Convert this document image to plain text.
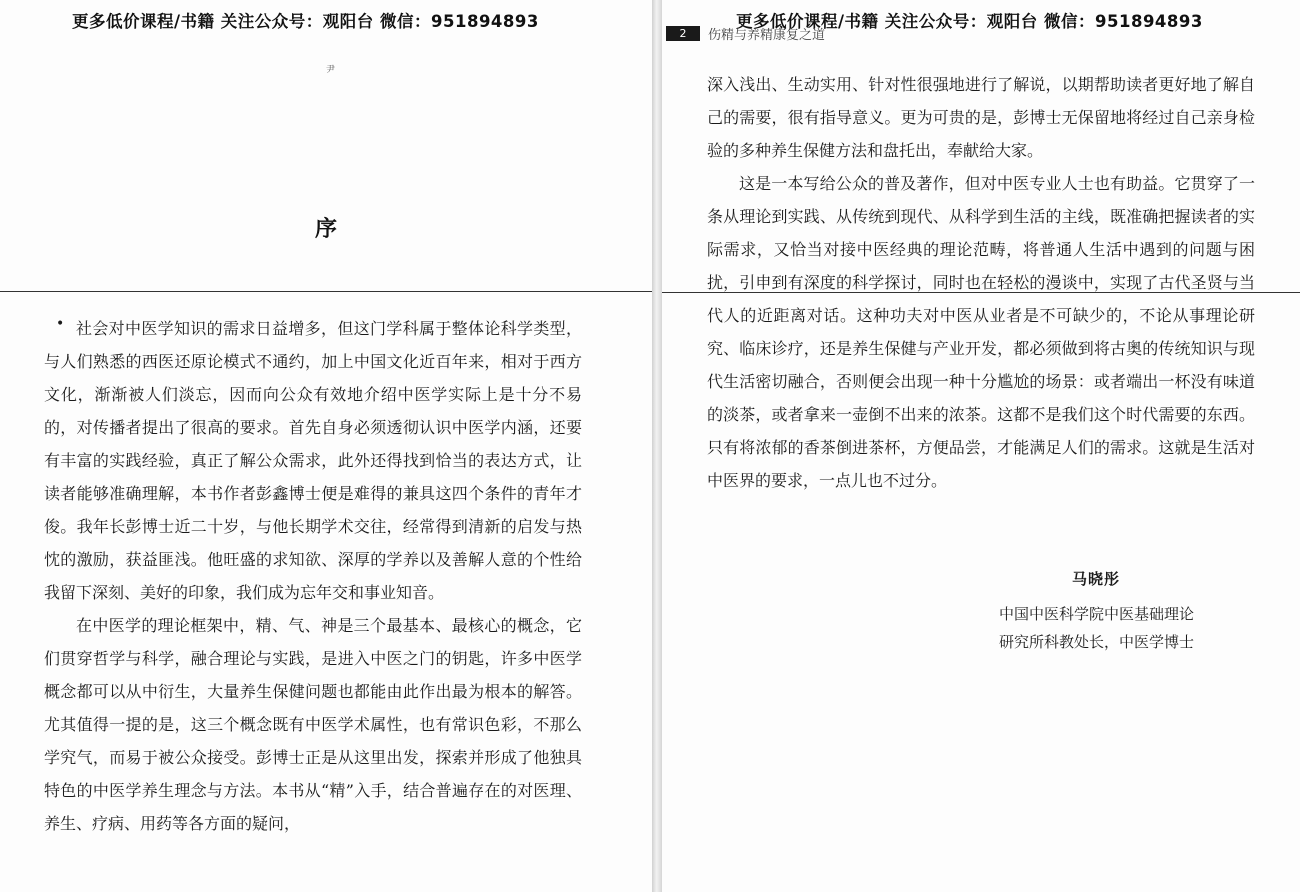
更多低价课程/书籍 关注公众号：观阳台 微信：951894893
尹
序
• 社会对中医学知识的需求日益增多，但这门学科属于整体论科学类型，与人们熟悉的西医还原论模式不通约，加上中国文化近百年来，相对于西方文化，渐渐被人们淡忘，因而向公众有效地介绍中医学实际上是十分不易的，对传播者提出了很高的要求。首先自身必须透彻认识中医学内涵，还要有丰富的实践经验，真正了解公众需求，此外还得找到恰当的表达方式，让读者能够准确理解，本书作者彭鑫博士便是难得的兼具这四个条件的青年才俊。我年长彭博士近二十岁，与他长期学术交往，经常得到清新的启发与热忱的激励，获益匪浅。他旺盛的求知欲、深厚的学养以及善解人意的个性给我留下深刻、美好的印象，我们成为忘年交和事业知音。

在中医学的理论框架中，精、气、神是三个最基本、最核心的概念，它们贯穿哲学与科学，融合理论与实践，是进入中医之门的钥匙，许多中医学概念都可以从中衍生，大量养生保健问题也都能由此作出最为根本的解答。尤其值得一提的是，这三个概念既有中医学术属性，也有常识色彩，不那么学究气，而易于被公众接受。彭博士正是从这里出发，探索并形成了他独具特色的中医学养生理念与方法。本书从“精”入手，结合普遍存在的对医理、养生、疗病、用药等各方面的疑问，

更多低价课程/书籍 关注公众号：观阳台 微信：951894893
2	伤精与养精康复之道

深入浅出、生动实用、针对性很强地进行了解说，以期帮助读者更好地了解自己的需要，很有指导意义。更为可贵的是，彭博士无保留地将经过自己亲身检验的多种养生保健方法和盘托出，奉献给大家。

这是一本写给公众的普及著作，但对中医专业人士也有助益。它贯穿了一条从理论到实践、从传统到现代、从科学到生活的主线，既准确把握读者的实际需求，又恰当对接中医经典的理论范畴，将普通人生活中遇到的问题与困扰，引申到有深度的科学探讨，同时也在轻松的漫谈中，实现了古代圣贤与当代人的近距离对话。这种功夫对中医从业者是不可缺少的，不论从事理论研究、临床诊疗，还是养生保健与产业开发，都必须做到将古奥的传统知识与现代生活密切融合，否则便会出现一种十分尴尬的场景：或者端出一杯没有味道的淡茶，或者拿来一壶倒不出来的浓茶。这都不是我们这个时代需要的东西。只有将浓郁的香茶倒进茶杯，方便品尝，才能满足人们的需求。这就是生活对中医界的要求，一点儿也不过分。

马晓彤
中国中医科学院中医基础理论
研究所科教处长，中医学博士
